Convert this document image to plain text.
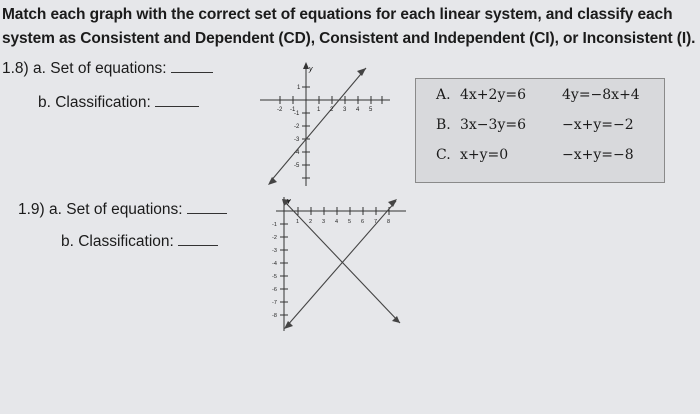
Match each graph with the correct set of equations for each linear system, and classify each
system as Consistent and Dependent (CD), Consistent and Independent (CI), or Inconsistent (I).
1.8) a. Set of equations:
b. Classification:
1.9) a. Set of equations:
b. Classification:
A. 4x+2y=6	4y=−8x+4
B. 3x−3y=6	−x+y=−2
C. x+y=0	−x+y=−8
y
-2 -1	1 2 3 4 5
1
-1
-2
-3
-4
-5
y
1 2 3 4 5 6 7 8
-1
-2
-3
-4
-5
-6
-7
-8
